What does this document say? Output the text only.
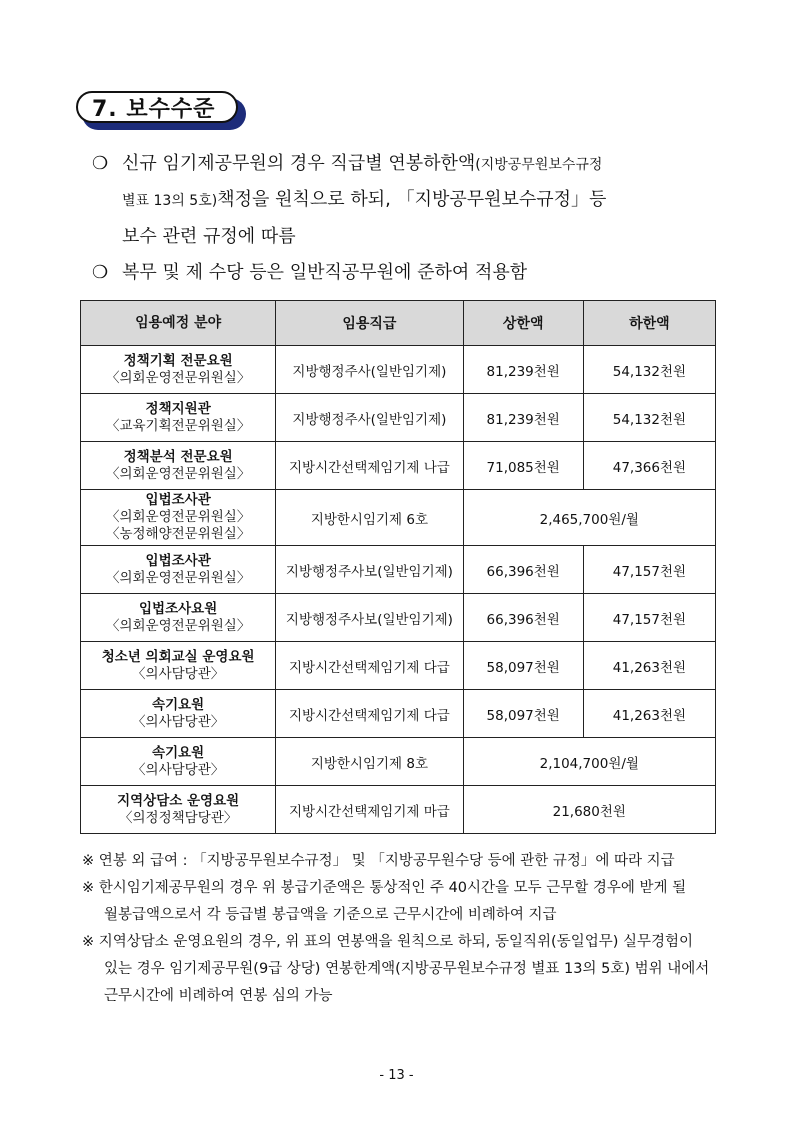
7. 보수수준
❍ 신규 임기제공무원의 경우 직급별 연봉하한액(지방공무원보수규정
별표 13의 5호)책정을 원칙으로 하되, 「지방공무원보수규정」등
보수 관련 규정에 따름
❍ 복무 및 제 수당 등은 일반직공무원에 준하여 적용함
임용예정 분야	임용직급	상한액	하한액

정책기획 전문요원
〈의회운영전문위원실〉	지방행정주사(일반임기제)	81,239천원	54,132천원

정책지원관
〈교육기획전문위원실〉	지방행정주사(일반임기제)	81,239천원	54,132천원

정책분석 전문요원
〈의회운영전문위원실〉	지방시간선택제임기제 나급	71,085천원	47,366천원

입법조사관
〈의회운영전문위원실〉
〈농정해양전문위원실〉	지방한시임기제 6호	2,465,700원/월	

입법조사관
〈의회운영전문위원실〉	지방행정주사보(일반임기제)	66,396천원	47,157천원

입법조사요원
〈의회운영전문위원실〉	지방행정주사보(일반임기제)	66,396천원	47,157천원

청소년 의회교실 운영요원
〈의사담당관〉	지방시간선택제임기제 다급	58,097천원	41,263천원

속기요원
〈의사담당관〉	지방시간선택제임기제 다급	58,097천원	41,263천원

속기요원
〈의사담당관〉	지방한시임기제 8호	2,104,700원/월	

지역상담소 운영요원
〈의정정책담당관〉	지방시간선택제임기제 마급	21,680천원	
※ 연봉 외 급여 : 「지방공무원보수규정」 및 「지방공무원수당 등에 관한 규정」에 따라 지급
※ 한시임기제공무원의 경우 위 봉급기준액은 통상적인 주 40시간을 모두 근무할 경우에 받게 될
월봉급액으로서 각 등급별 봉급액을 기준으로 근무시간에 비례하여 지급
※ 지역상담소 운영요원의 경우, 위 표의 연봉액을 원칙으로 하되, 동일직위(동일업무) 실무경험이
있는 경우 임기제공무원(9급 상당) 연봉한계액(지방공무원보수규정 별표 13의 5호) 범위 내에서
근무시간에 비례하여 연봉 심의 가능
- 13 -
